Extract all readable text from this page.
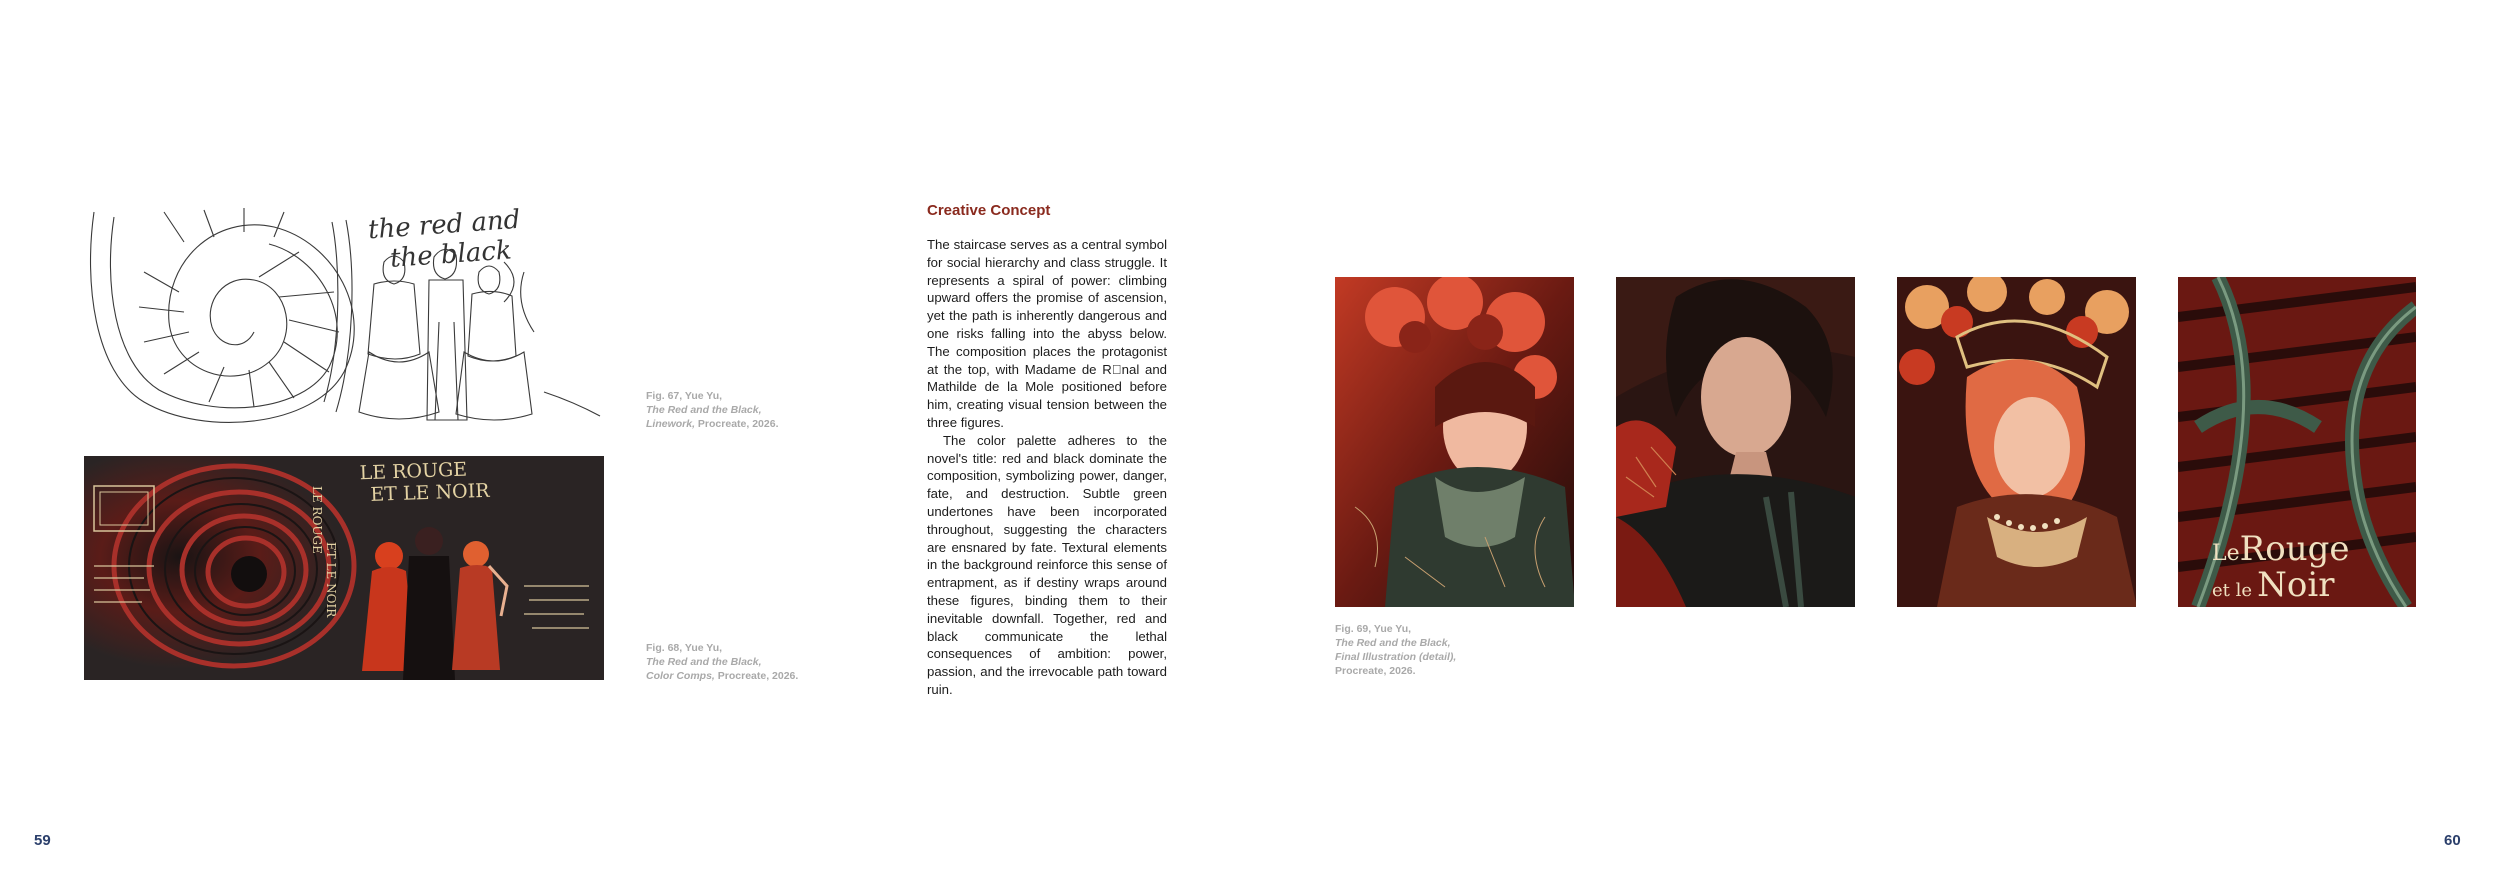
the red and
the black
Fig. 67, Yue Yu,
The Red and the Black,
Linework, Procreate, 2026.
LE ROUGE
ET LE NOIR
LE ROUGE
ET LE NOIR
Fig. 68, Yue Yu,
The Red and the Black,
Color Comps, Procreate, 2026.
Creative Concept

The staircase serves as a central symbol for social hierarchy and class struggle. It represents a spiral of power: climbing upward offers the promise of ascension, yet the path is inherently dangerous and one risks falling into the abyss below. The composition places the protagonist at the top, with Madame de R nal and Mathilde de la Mole positioned before him, creating visual tension between the three figures.

The color palette adheres to the novel's title: red and black dominate the composition, symbolizing power, danger, fate, and destruction. Subtle green undertones have been incorporated throughout, suggesting the characters are ensnared by fate. Textural elements in the background reinforce this sense of entrapment, as if destiny wraps around these figures, binding them to their inevitable downfall. Together, red and black communicate the lethal consequences of ambition: power, passion, and the irrevocable path toward ruin.

59
LeRouge
et le Noir
Fig. 69, Yue Yu,
The Red and the Black,
Final Illustration (detail),
Procreate, 2026.
60
